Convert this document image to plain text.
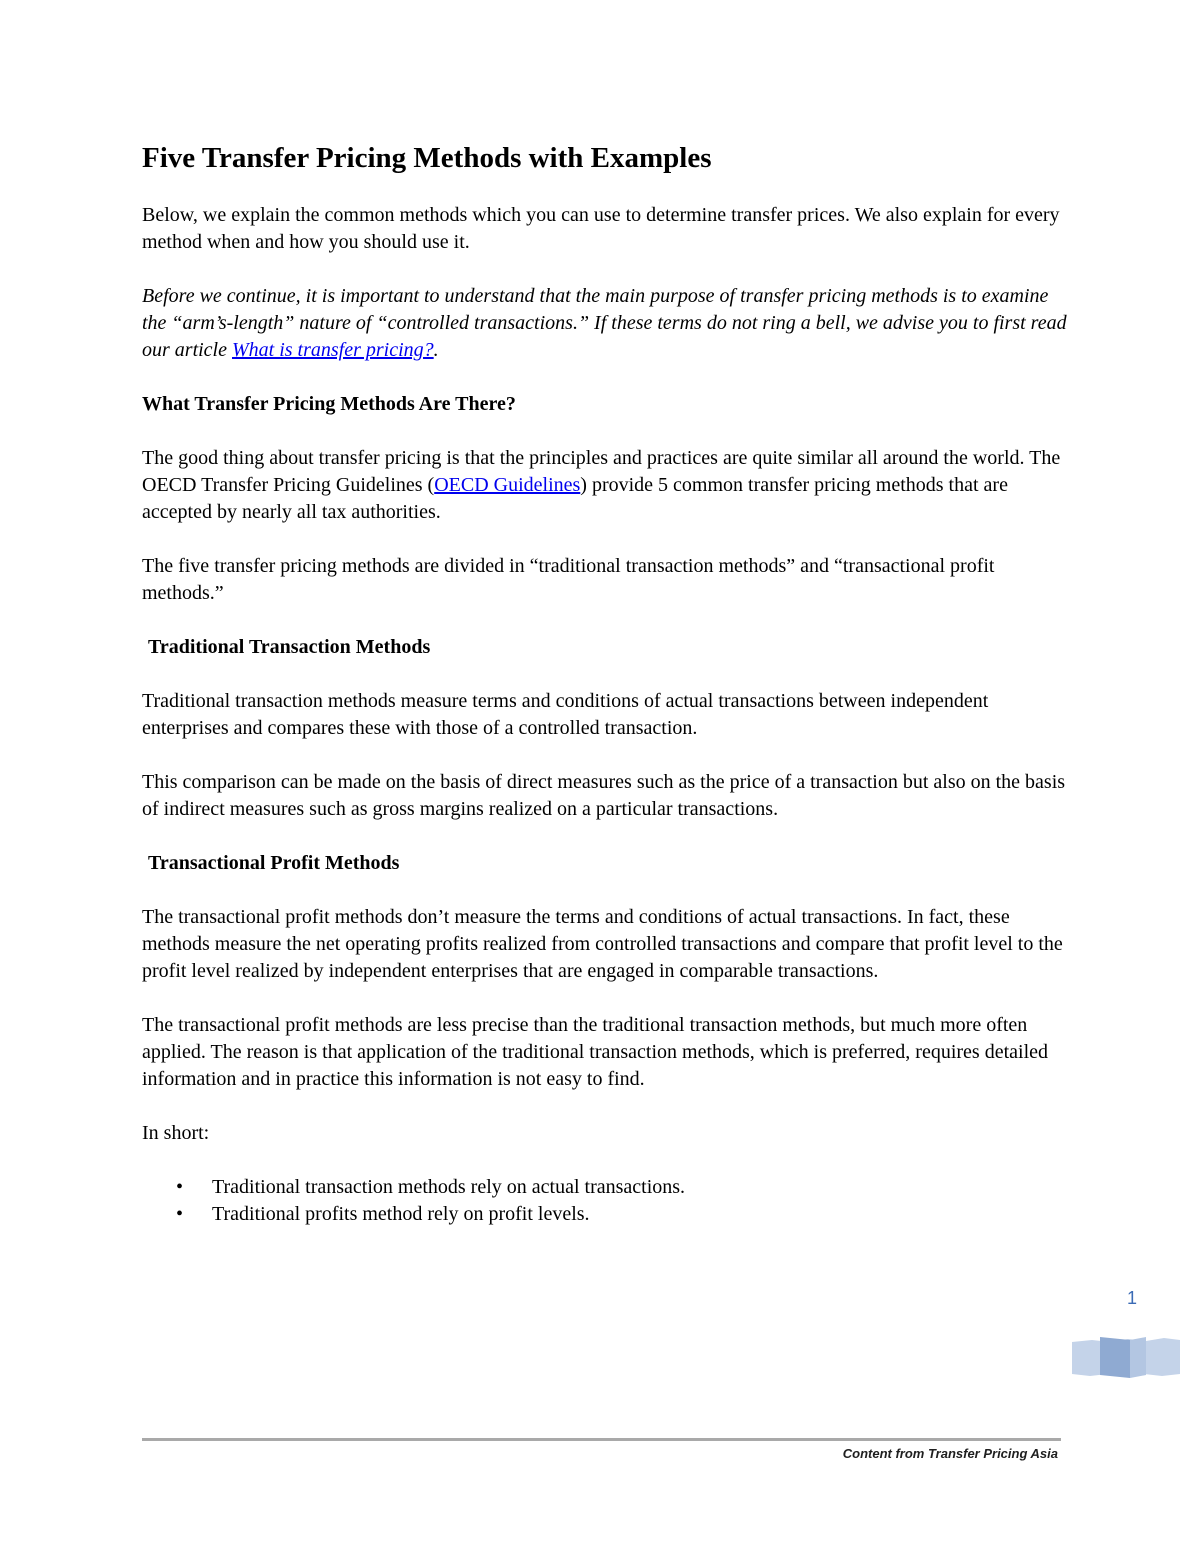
Five Transfer Pricing Methods with Examples

Below, we explain the common methods which you can use to determine transfer prices. We also explain for every method when and how you should use it.

Before we continue, it is important to understand that the main purpose of transfer pricing methods is to examine the “arm’s-length” nature of “controlled transactions.” If these terms do not ring a bell, we advise you to first read our article What is transfer pricing?.

What Transfer Pricing Methods Are There?

The good thing about transfer pricing is that the principles and practices are quite similar all around the world. The OECD Transfer Pricing Guidelines (OECD Guidelines) provide 5 common transfer pricing methods that are accepted by nearly all tax authorities.

The five transfer pricing methods are divided in “traditional transaction methods” and “transactional profit methods.”

Traditional Transaction Methods

Traditional transaction methods measure terms and conditions of actual transactions between independent enterprises and compares these with those of a controlled transaction.

This comparison can be made on the basis of direct measures such as the price of a transaction but also on the basis of indirect measures such as gross margins realized on a particular transactions.

Transactional Profit Methods

The transactional profit methods don’t measure the terms and conditions of actual transactions. In fact, these methods measure the net operating profits realized from controlled transactions and compare that profit level to the profit level realized by independent enterprises that are engaged in comparable transactions.

The transactional profit methods are less precise than the traditional transaction methods, but much more often applied. The reason is that application of the traditional transaction methods, which is preferred, requires detailed information and in practice this information is not easy to find.

In short:

• Traditional transaction methods rely on actual transactions.
• Traditional profits method rely on profit levels.
1
Content from Transfer Pricing Asia
